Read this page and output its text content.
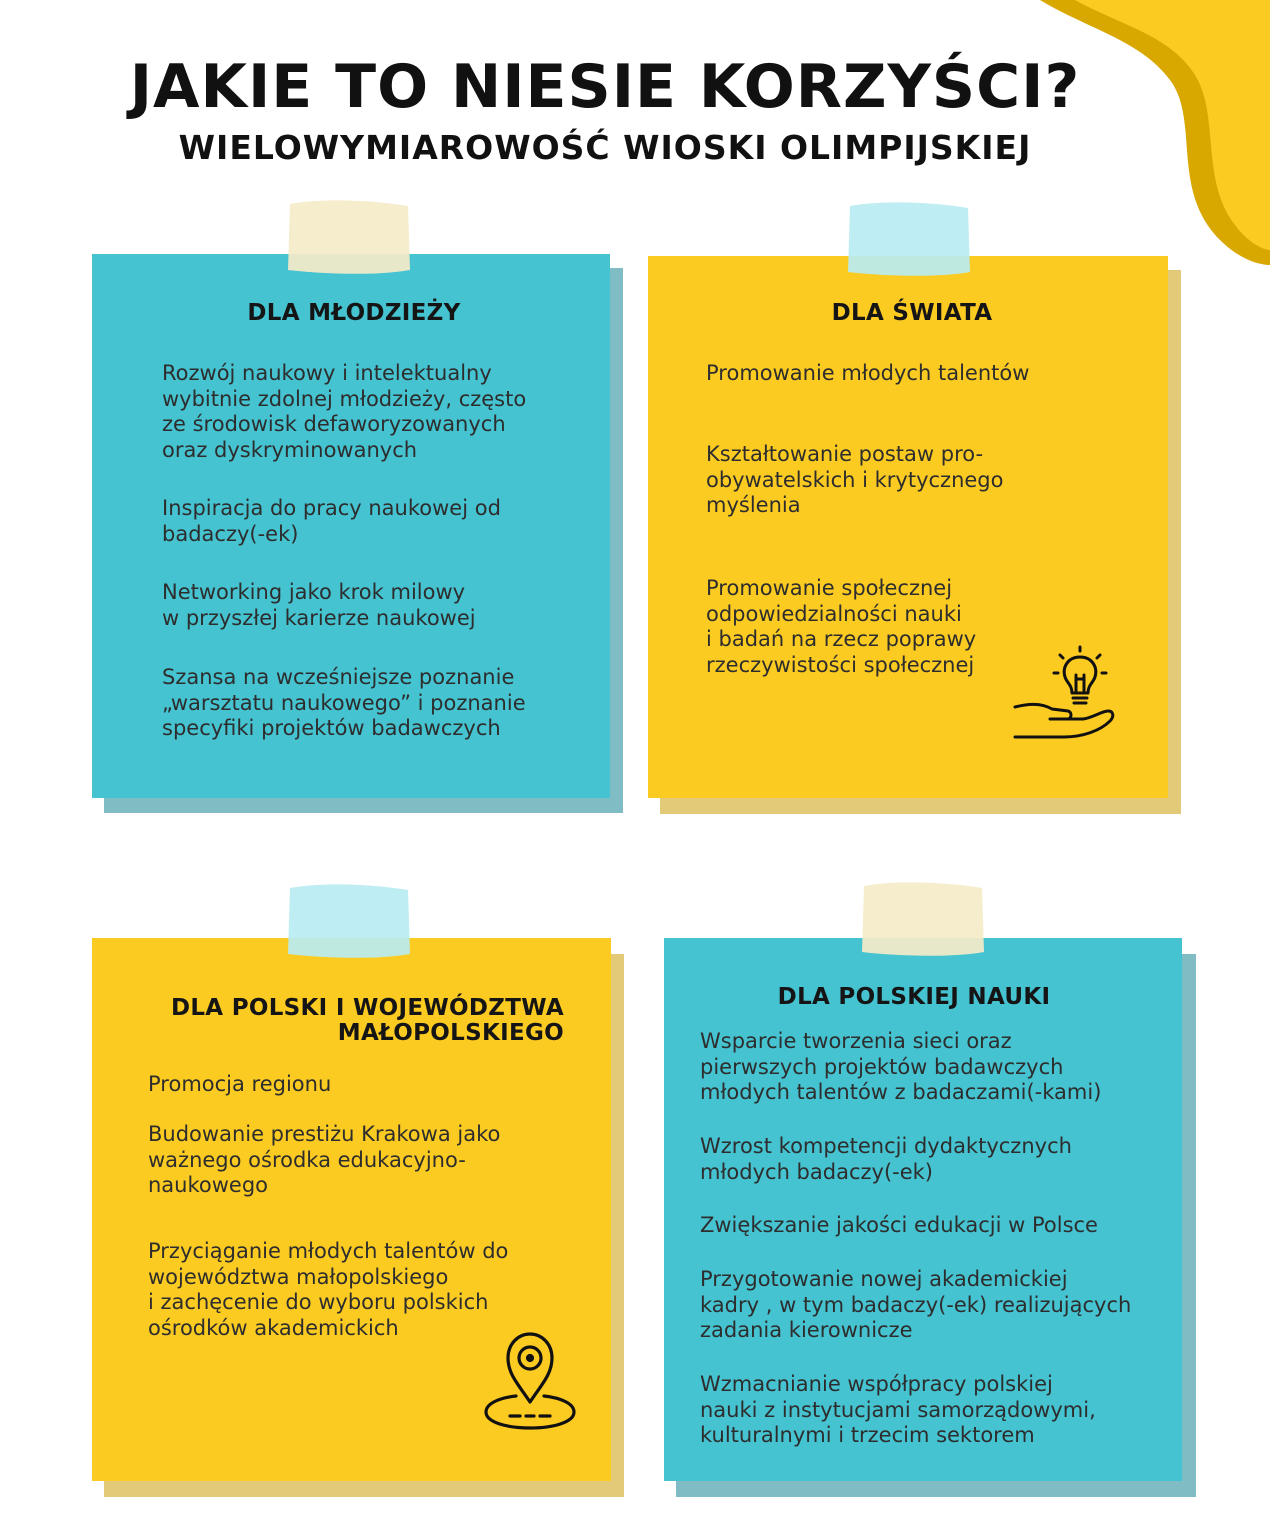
JAKIE TO NIESIE KORZYŚCI?
WIELOWYMIAROWOŚĆ WIOSKI OLIMPIJSKIEJ
DLA MŁODZIEŻY
Rozwój naukowy i intelektualny
wybitnie zdolnej młodzieży, często
ze środowisk defaworyzowanych
oraz dyskryminowanych
Inspiracja do pracy naukowej od
badaczy(-ek)
Networking jako krok milowy
w przyszłej karierze naukowej
Szansa na wcześniejsze poznanie
„warsztatu naukowego” i poznanie
specyfiki projektów badawczych
DLA ŚWIATA
Promowanie młodych talentów
Kształtowanie postaw pro-
obywatelskich i krytycznego
myślenia
Promowanie społecznej
odpowiedzialności nauki
i badań na rzecz poprawy
rzeczywistości społecznej
DLA POLSKI I WOJEWÓDZTWA
MAŁOPOLSKIEGO
Promocja regionu
Budowanie prestiżu Krakowa jako
ważnego ośrodka edukacyjno-
naukowego
Przyciąganie młodych talentów do
województwa małopolskiego
i zachęcenie do wyboru polskich
ośrodków akademickich
DLA POLSKIEJ NAUKI
Wsparcie tworzenia sieci oraz
pierwszych projektów badawczych
młodych talentów z badaczami(-kami)
Wzrost kompetencji dydaktycznych
młodych badaczy(-ek)
Zwiększanie jakości edukacji w Polsce
Przygotowanie nowej akademickiej
kadry , w tym badaczy(-ek) realizujących
zadania kierownicze
Wzmacnianie współpracy polskiej
nauki z instytucjami samorządowymi,
kulturalnymi i trzecim sektorem
